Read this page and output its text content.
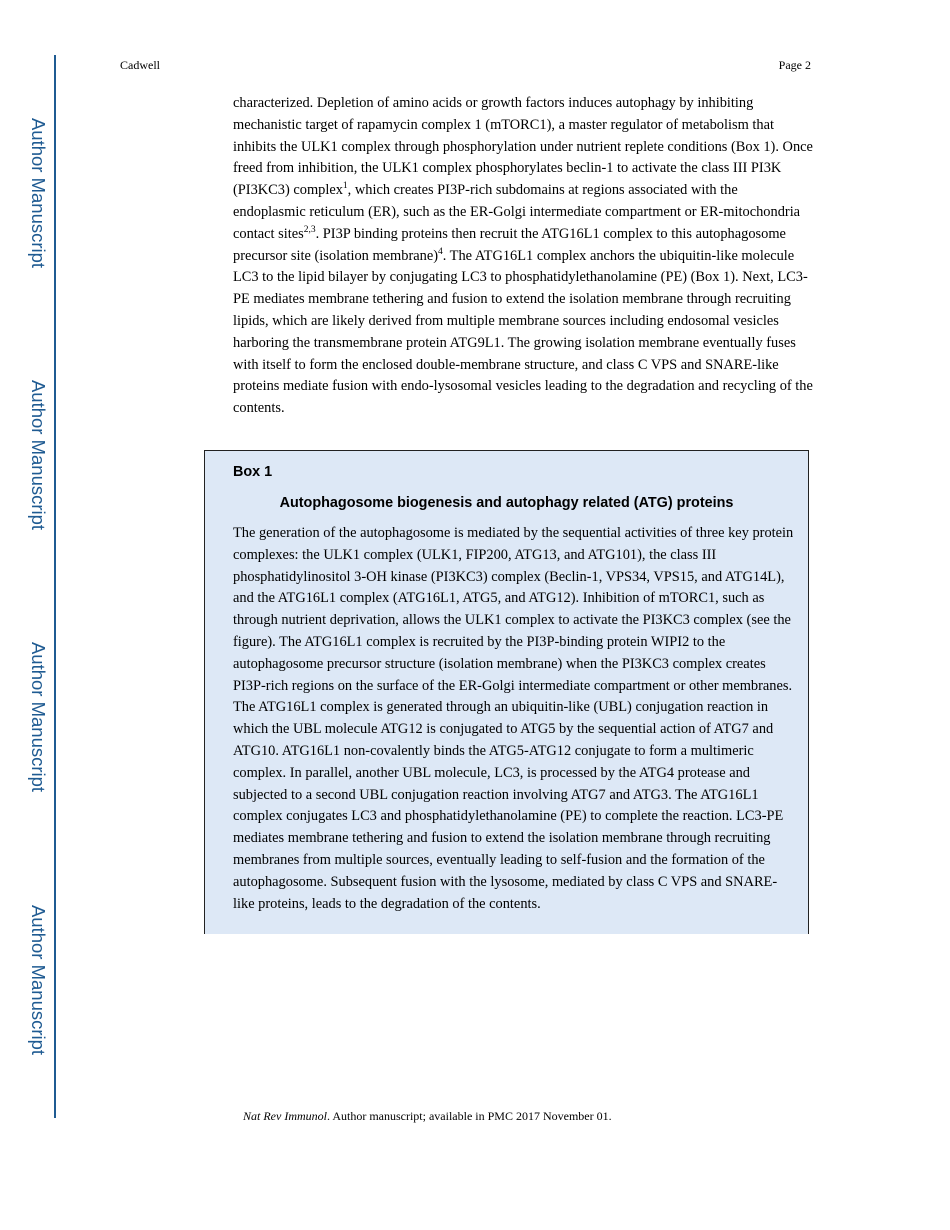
Author Manuscript
Author Manuscript
Author Manuscript
Author Manuscript
Cadwell	Page 2
characterized. Depletion of amino acids or growth factors induces autophagy by inhibiting mechanistic target of rapamycin complex 1 (mTORC1), a master regulator of metabolism that inhibits the ULK1 complex through phosphorylation under nutrient replete conditions (Box 1). Once freed from inhibition, the ULK1 complex phosphorylates beclin-1 to activate the class III PI3K (PI3KC3) complex$^1$, which creates PI3P-rich subdomains at regions associated with the endoplasmic reticulum (ER), such as the ER-Golgi intermediate compartment or ER-mitochondria contact sites$^{2,3}$. PI3P binding proteins then recruit the ATG16L1 complex to this autophagosome precursor site (isolation membrane)$^4$. The ATG16L1 complex anchors the ubiquitin-like molecule LC3 to the lipid bilayer by conjugating LC3 to phosphatidylethanolamine (PE) (Box 1). Next, LC3-PE mediates membrane tethering and fusion to extend the isolation membrane through recruiting lipids, which are likely derived from multiple membrane sources including endosomal vesicles harboring the transmembrane protein ATG9L1. The growing isolation membrane eventually fuses with itself to form the enclosed double-membrane structure, and class C VPS and SNARE-like proteins mediate fusion with endo-lysosomal vesicles leading to the degradation and recycling of the contents.
Box 1
Autophagosome biogenesis and autophagy related (ATG) proteins
The generation of the autophagosome is mediated by the sequential activities of three key protein complexes: the ULK1 complex (ULK1, FIP200, ATG13, and ATG101), the class III phosphatidylinositol 3-OH kinase (PI3KC3) complex (Beclin-1, VPS34, VPS15, and ATG14L), and the ATG16L1 complex (ATG16L1, ATG5, and ATG12). Inhibition of mTORC1, such as through nutrient deprivation, allows the ULK1 complex to activate the PI3KC3 complex (see the figure). The ATG16L1 complex is recruited by the PI3P-binding protein WIPI2 to the autophagosome precursor structure (isolation membrane) when the PI3KC3 complex creates PI3P-rich regions on the surface of the ER-Golgi intermediate compartment or other membranes. The ATG16L1 complex is generated through an ubiquitin-like (UBL) conjugation reaction in which the UBL molecule ATG12 is conjugated to ATG5 by the sequential action of ATG7 and ATG10. ATG16L1 non-covalently binds the ATG5-ATG12 conjugate to form a multimeric complex. In parallel, another UBL molecule, LC3, is processed by the ATG4 protease and subjected to a second UBL conjugation reaction involving ATG7 and ATG3. The ATG16L1 complex conjugates LC3 and phosphatidylethanolamine (PE) to complete the reaction. LC3-PE mediates membrane tethering and fusion to extend the isolation membrane through recruiting membranes from multiple sources, eventually leading to self-fusion and the formation of the autophagosome. Subsequent fusion with the lysosome, mediated by class C VPS and SNARE-like proteins, leads to the degradation of the contents.
Nat Rev Immunol. Author manuscript; available in PMC 2017 November 01.
